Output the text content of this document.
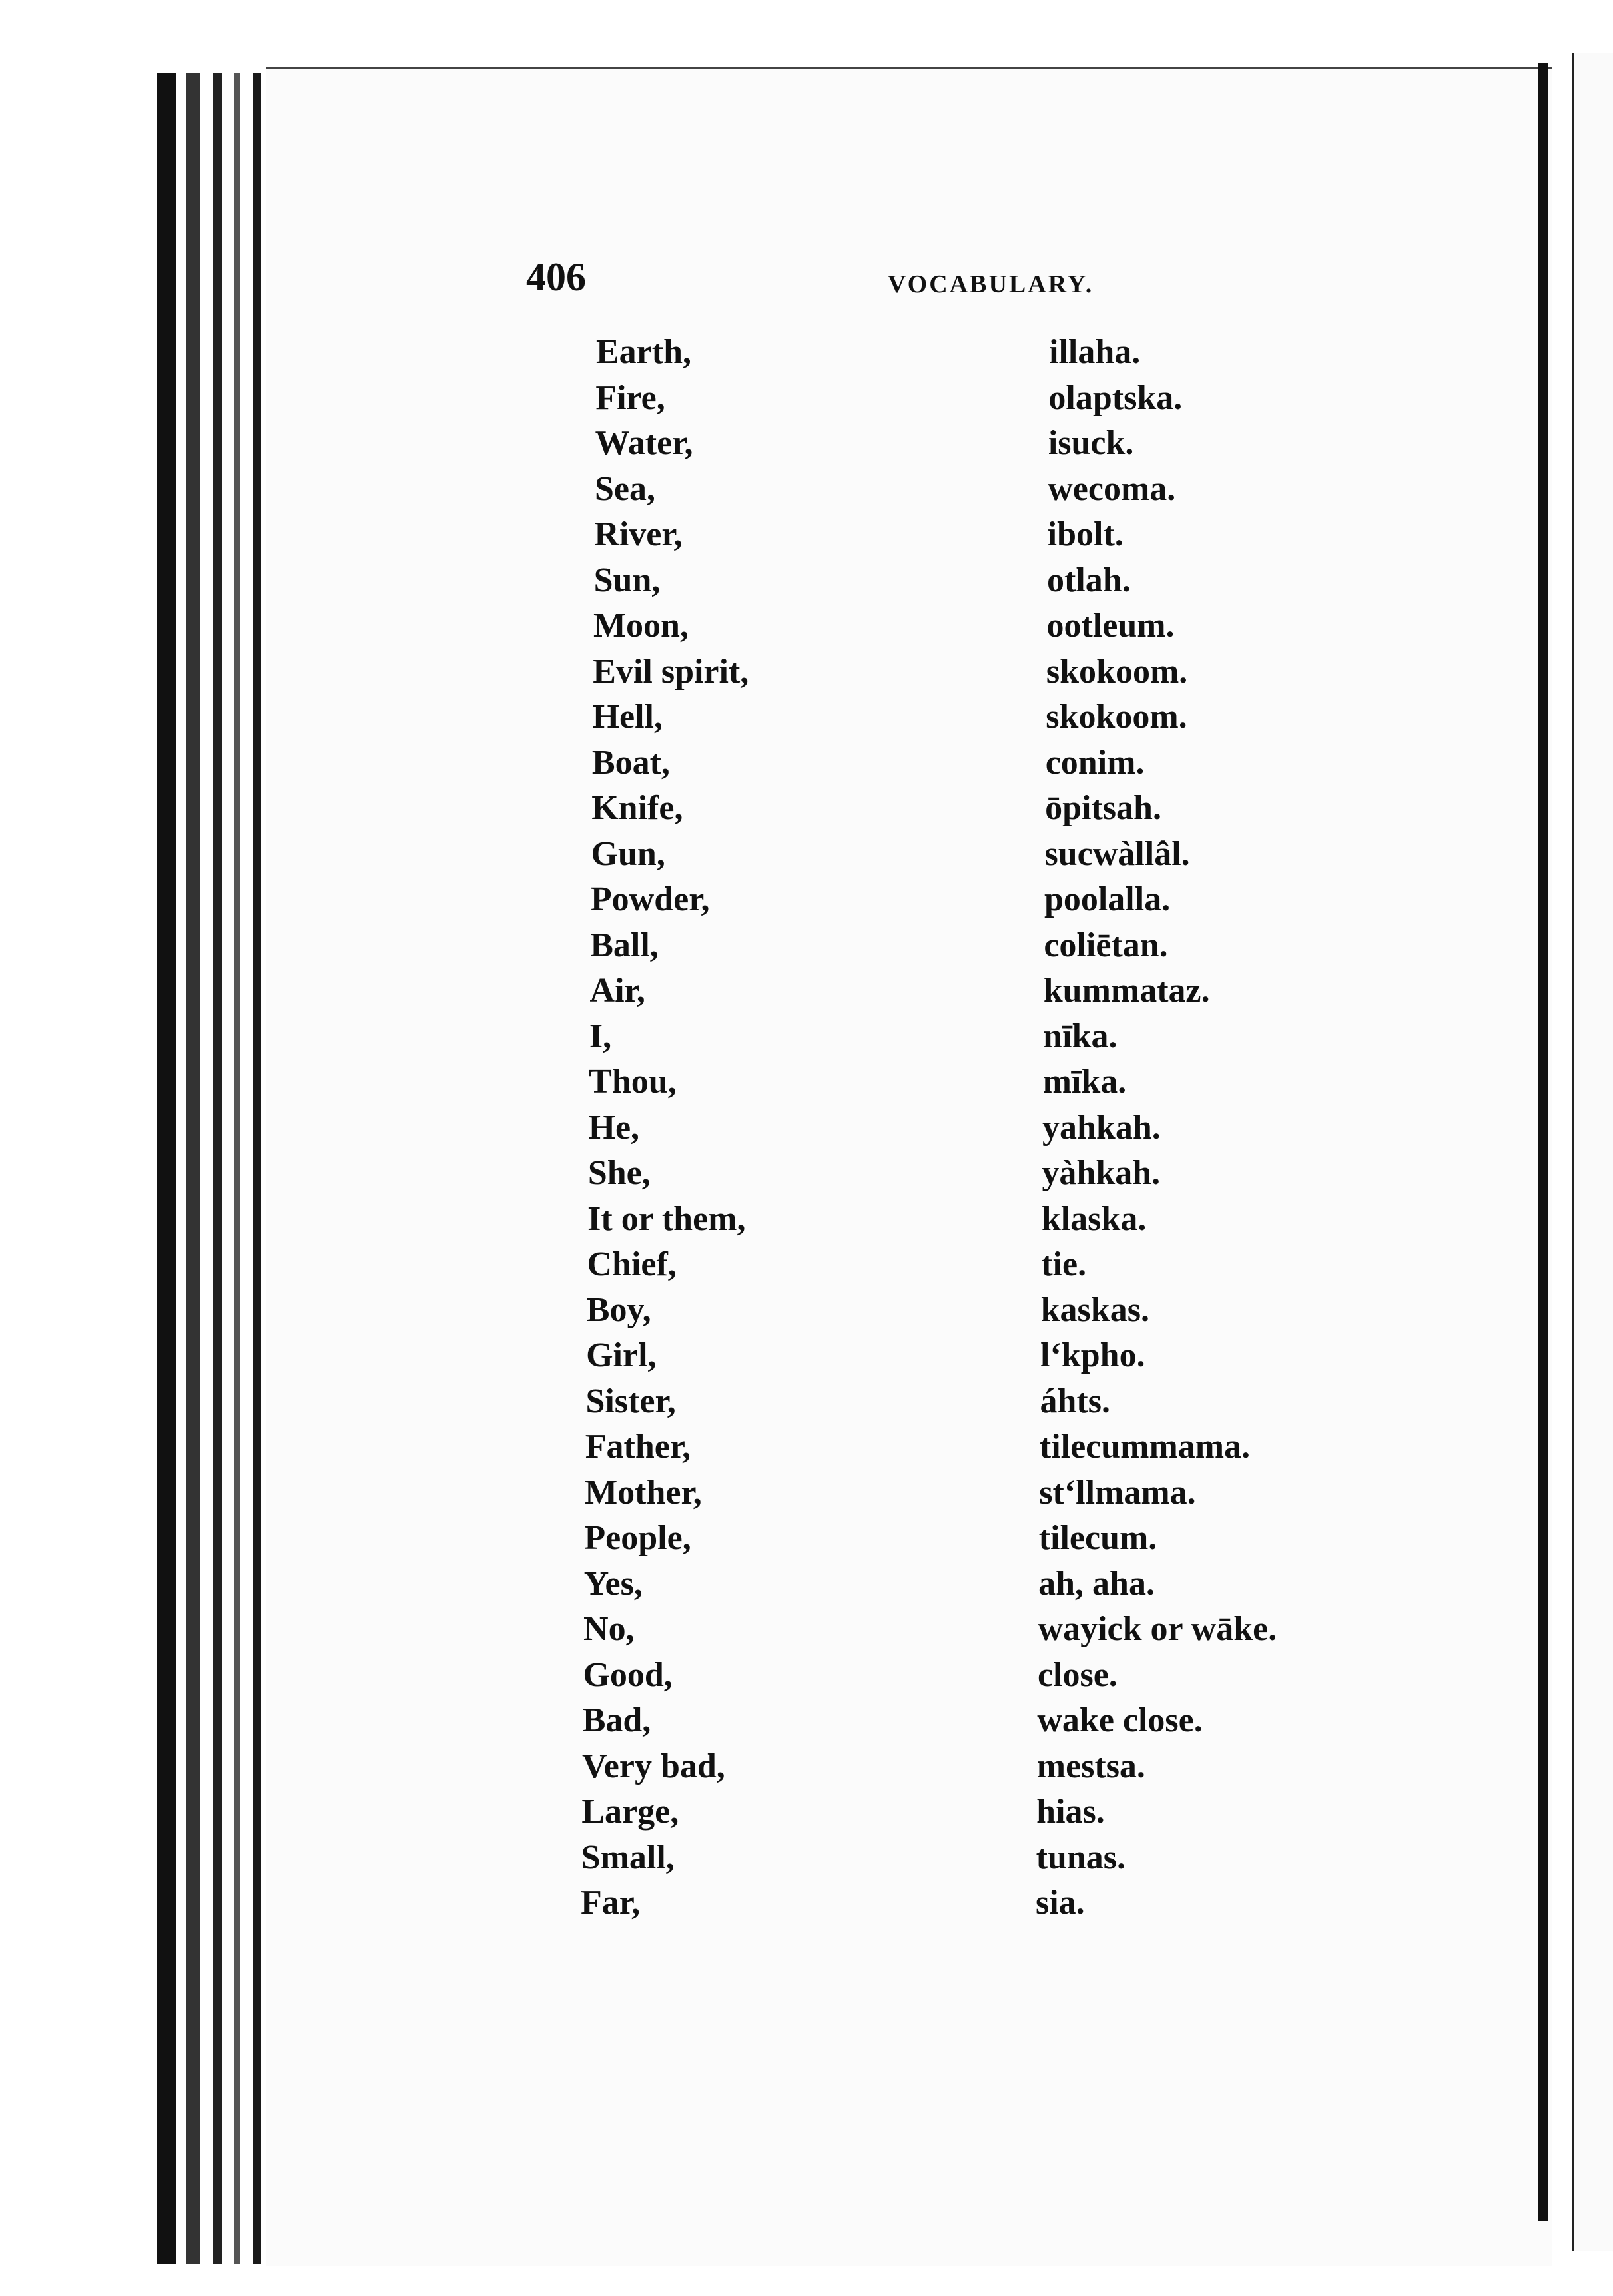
406	VOCABULARY.
Earth,	illaha.
Fire,	olaptska.
Water,	isuck.
Sea,	wecoma.
River,	ibolt.
Sun,	otlah.
Moon,	ootleum.
Evil spirit,	skokoom.
Hell,	skokoom.
Boat,	conim.
Knife,	ōpitsah.
Gun,	sucwàllâl.
Powder,	poolalla.
Ball,	coliētan.
Air,	kummataz.
I,	nīka.
Thou,	mīka.
He,	yahkah.
She,	yàhkah.
It or them,	klaska.
Chief,	tie.
Boy,	kaskas.
Girl,	l‘kpho.
Sister,	áhts.
Father,	tilecummama.
Mother,	st‘llmama.
People,	tilecum.
Yes,	ah, aha.
No,	wayick or wāke.
Good,	close.
Bad,	wake close.
Very bad,	mestsa.
Large,	hias.
Small,	tunas.
Far,	sia.
